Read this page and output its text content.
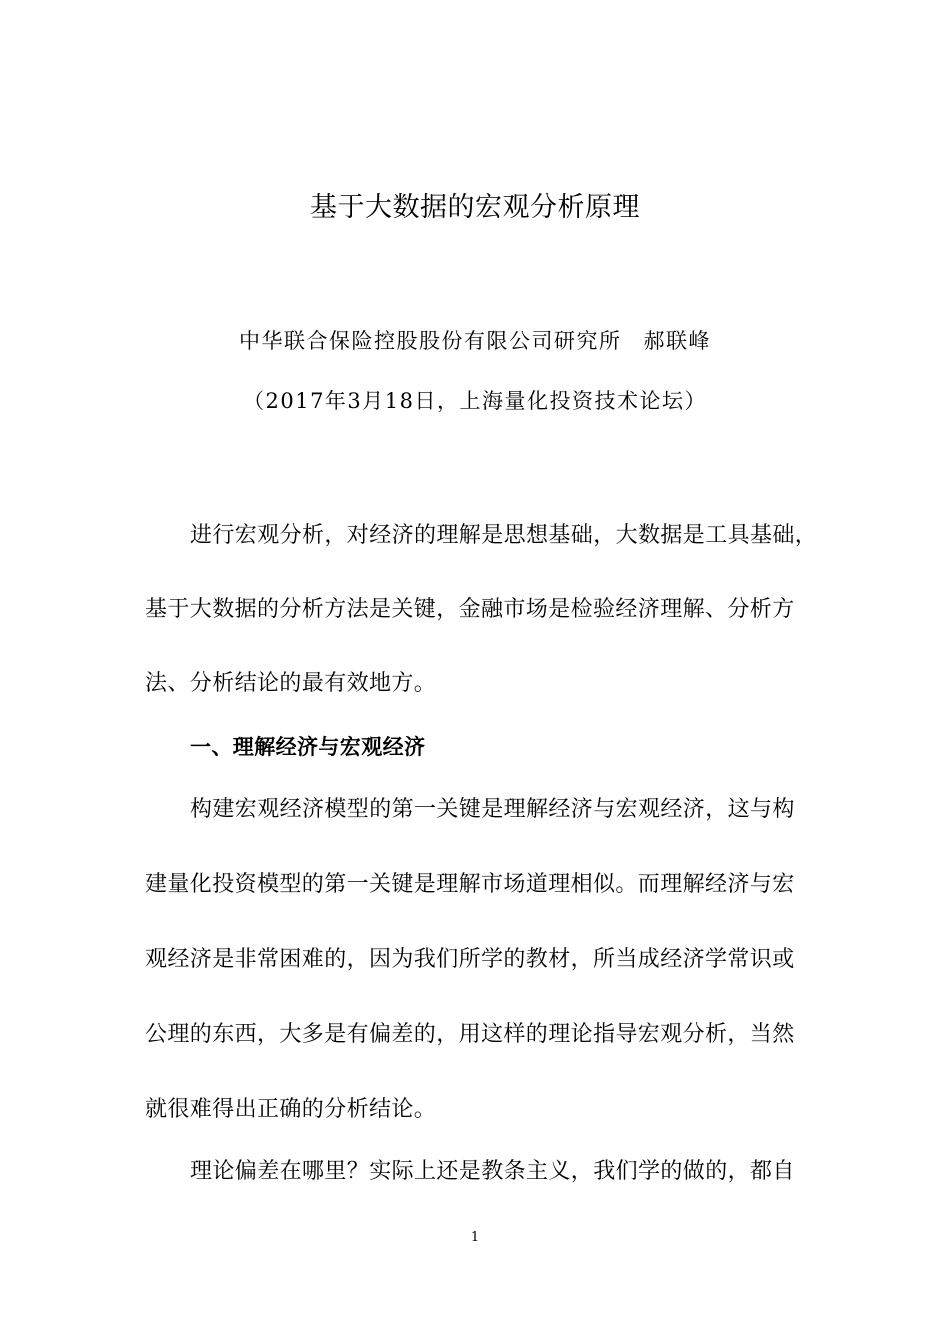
基于大数据的宏观分析原理
中华联合保险控股股份有限公司研究所 郝联峰
（2017年3月18日，上海量化投资技术论坛）
进行宏观分析，对经济的理解是思想基础，大数据是工具基础，
基于大数据的分析方法是关键，金融市场是检验经济理解、分析方
法、分析结论的最有效地方。
一、理解经济与宏观经济
构建宏观经济模型的第一关键是理解经济与宏观经济，这与构
建量化投资模型的第一关键是理解市场道理相似。而理解经济与宏
观经济是非常困难的，因为我们所学的教材，所当成经济学常识或
公理的东西，大多是有偏差的，用这样的理论指导宏观分析，当然
就很难得出正确的分析结论。
理论偏差在哪里？实际上还是教条主义，我们学的做的，都自
1
